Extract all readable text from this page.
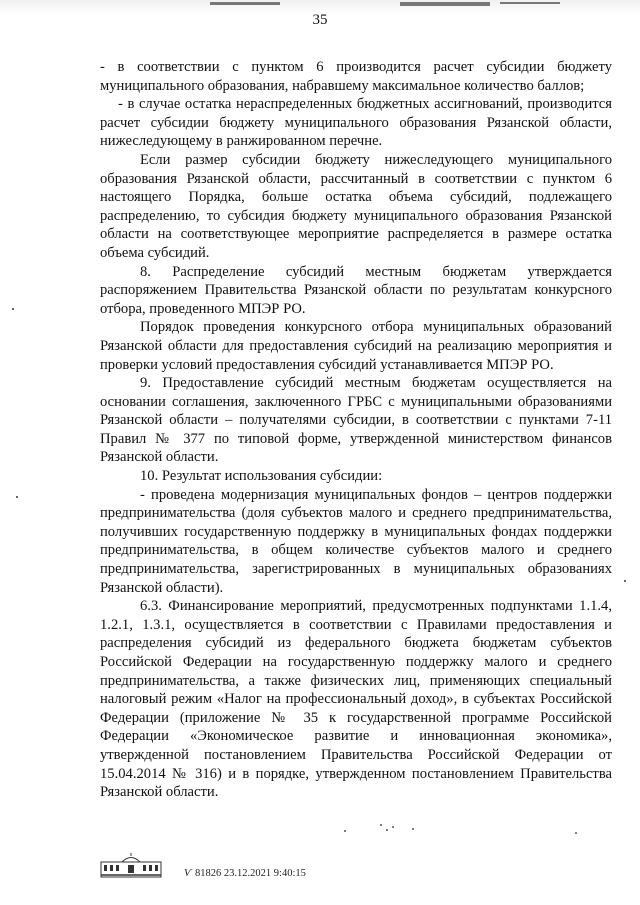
35

- в соответствии с пунктом 6 производится расчет субсидии бюджету муниципального образования, набравшему максимальное количество баллов;

- в случае остатка нераспределенных бюджетных ассигнований, производится расчет субсидии бюджету муниципального образования Рязанской области, нижеследующему в ранжированном перечне.

Если размер субсидии бюджету нижеследующего муниципального образования Рязанской области, рассчитанный в соответствии с пунктом 6 настоящего Порядка, больше остатка объема субсидий, подлежащего распределению, то субсидия бюджету муниципального образования Рязанской области на соответствующее мероприятие распределяется в размере остатка объема субсидий.

8. Распределение субсидий местным бюджетам утверждается распоряжением Правительства Рязанской области по результатам конкурсного отбора, проведенного МПЭР РО.

Порядок проведения конкурсного отбора муниципальных образований Рязанской области для предоставления субсидий на реализацию мероприятия и проверки условий предоставления субсидий устанавливается МПЭР РО.

9. Предоставление субсидий местным бюджетам осуществляется на основании соглашения, заключенного ГРБС с муниципальными образованиями Рязанской области – получателями субсидии, в соответствии с пунктами 7-11 Правил № 377 по типовой форме, утвержденной министерством финансов Рязанской области.

10. Результат использования субсидии:

- проведена модернизация муниципальных фондов – центров поддержки предпринимательства (доля субъектов малого и среднего предпринимательства, получивших государственную поддержку в муниципальных фондах поддержки предпринимательства, в общем количестве субъектов малого и среднего предпринимательства, зарегистрированных в муниципальных образованиях Рязанской области).

6.3. Финансирование мероприятий, предусмотренных подпунктами 1.1.4, 1.2.1, 1.3.1, осуществляется в соответствии с Правилами предоставления и распределения субсидий из федерального бюджета бюджетам субъектов Российской Федерации на государственную поддержку малого и среднего предпринимательства, а также физических лиц, применяющих специальный налоговый режим «Налог на профессиональный доход», в субъектах Российской Федерации (приложение № 35 к государственной программе Российской Федерации «Экономическое развитие и инновационная экономика», утвержденной постановлением Правительства Российской Федерации от 15.04.2014 № 316) и в порядке, утвержденном постановлением Правительства Рязанской области.

Ѵ 81826 23.12.2021 9:40:15
